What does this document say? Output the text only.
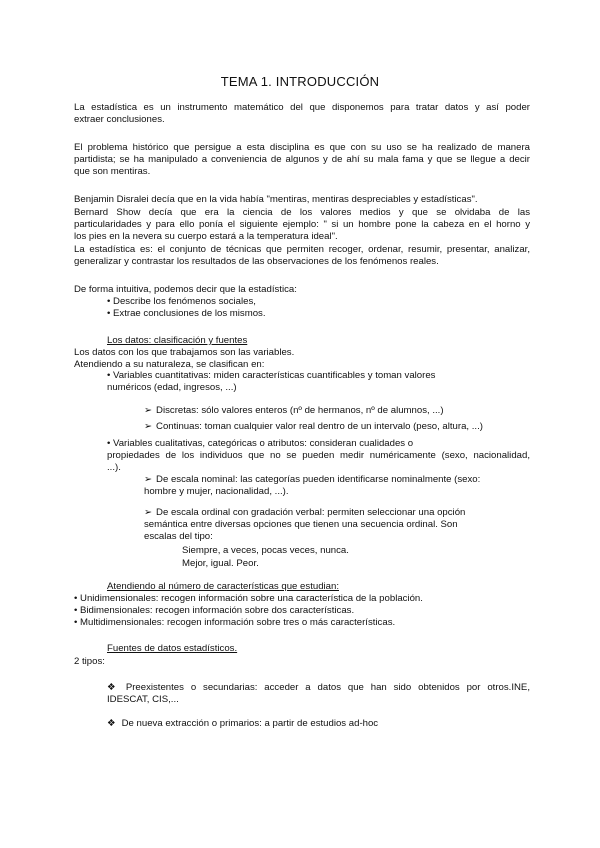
TEMA 1. INTRODUCCIÓN
La estadística es un instrumento matemático del que disponemos para tratar datos y así poder
extraer conclusiones.
El problema histórico que persigue a esta disciplina es que con su uso se ha realizado de manera
partidista; se ha manipulado a conveniencia de algunos y de ahí su mala fama y que se llegue a decir
que son mentiras.
Benjamin Disralei decía que en la vida había "mentiras, mentiras despreciables y estadísticas".
Bernard Show decía que era la ciencia de los valores medios y que se olvidaba de las
particularidades y para ello ponía el siguiente ejemplo: " si un hombre pone la cabeza en el horno y
los pies en la nevera su cuerpo estará a la temperatura ideal".
La estadística es: el conjunto de técnicas que permiten recoger, ordenar, resumir, presentar, analizar,
generalizar y contrastar los resultados de las observaciones de los fenómenos reales.
De forma intuitiva, podemos decir que la estadística:
• Describe los fenómenos sociales,
• Extrae conclusiones de los mismos.
Los datos: clasificación y fuentes
Los datos con los que trabajamos son las variables.
Atendiendo a su naturaleza, se clasifican en:
• Variables cuantitativas: miden características cuantificables y toman valores
numéricos (edad, ingresos, ...)
➢ Discretas: sólo valores enteros (nº de hermanos, nº de alumnos, ...)
➢ Continuas: toman cualquier valor real dentro de un intervalo (peso, altura, ...)
• Variables cualitativas, categóricas o atributos: consideran cualidades o
propiedades de los individuos que no se pueden medir numéricamente (sexo, nacionalidad,
...).
➢ De escala nominal: las categorías pueden identificarse nominalmente (sexo:
hombre y mujer, nacionalidad, ...).
➢ De escala ordinal con gradación verbal: permiten seleccionar una opción
semántica entre diversas opciones que tienen una secuencia ordinal. Son
escalas del tipo:
Siempre, a veces, pocas veces, nunca.
Mejor, igual. Peor.
Atendiendo al número de características que estudian:
• Unidimensionales: recogen información sobre una característica de la población.
• Bidimensionales: recogen información sobre dos características.
• Multidimensionales: recogen información sobre tres o más características.
Fuentes de datos estadísticos.
2 tipos:
❖ Preexistentes o secundarias: acceder a datos que han sido obtenidos por otros.INE,
IDESCAT, CIS,...
❖ De nueva extracción o primarios: a partir de estudios ad-hoc
